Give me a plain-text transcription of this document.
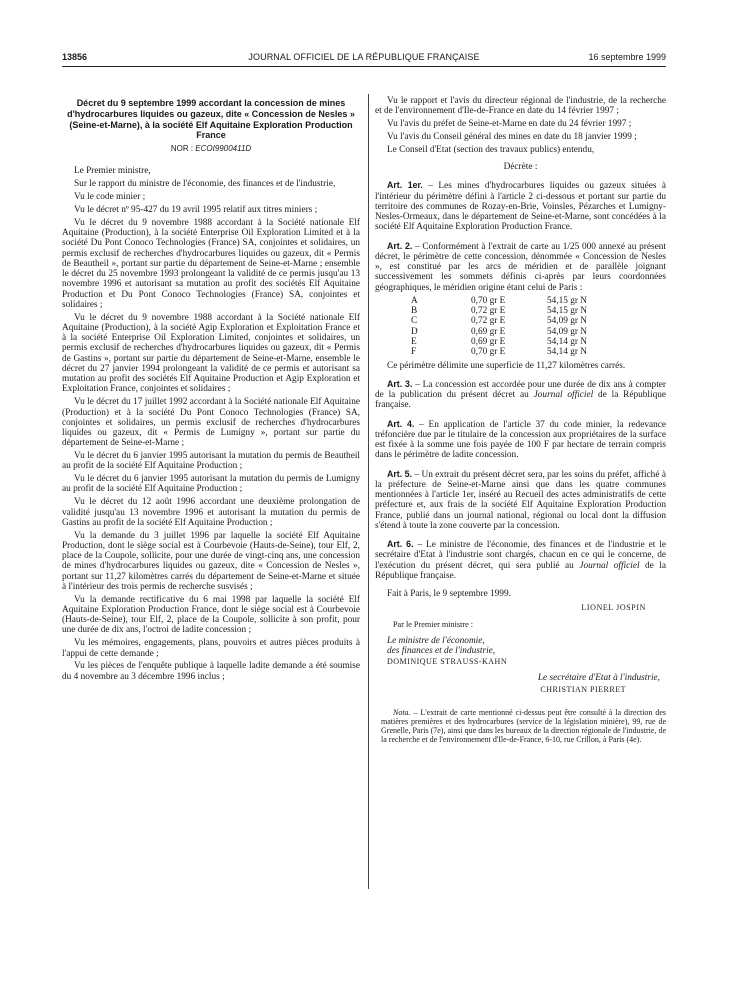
13856	JOURNAL OFFICIEL DE LA RÉPUBLIQUE FRANÇAISE	16 septembre 1999
Décret du 9 septembre 1999 accordant la concession de mines d'hydrocarbures liquides ou gazeux, dite « Concession de Nesles » (Seine-et-Marne), à la société Elf Aquitaine Exploration Production France
NOR : ECOI9900411D

Le Premier ministre,

Sur le rapport du ministre de l'économie, des finances et de l'industrie,

Vu le code minier ;

Vu le décret nº 95-427 du 19 avril 1995 relatif aux titres miniers ;

Vu le décret du 9 novembre 1988 accordant à la Société nationale Elf Aquitaine (Production), à la société Enterprise Oil Exploration Limited et à la société Du Pont Conoco Technologies (France) SA, conjointes et solidaires, un permis exclusif de recherches d'hydrocarbures liquides ou gazeux, dit « Permis de Beautheil », portant sur partie du département de Seine-et-Marne ; ensemble le décret du 25 novembre 1993 prolongeant la validité de ce permis jusqu'au 13 novembre 1996 et autorisant sa mutation au profit des sociétés Elf Aquitaine Production et Du Pont Conoco Technologies (France) SA, conjointes et solidaires ;

Vu le décret du 9 novembre 1988 accordant à la Société nationale Elf Aquitaine (Production), à la société Agip Exploration et Exploitation France et à la société Enterprise Oil Exploration Limited, conjointes et solidaires, un permis exclusif de recherches d'hydrocarbures liquides ou gazeux, dit « Permis de Gastins », portant sur partie du département de Seine-et-Marne, ensemble le décret du 27 janvier 1994 prolongeant la validité de ce permis et autorisant sa mutation au profit des sociétés Elf Aquitaine Production et Agip Exploration et Exploitation France, conjointes et solidaires ;

Vu le décret du 17 juillet 1992 accordant à la Société nationale Elf Aquitaine (Production) et à la société Du Pont Conoco Technologies (France) SA, conjointes et solidaires, un permis exclusif de recherches d'hydrocarbures liquides ou gazeux, dit « Permis de Lumigny », portant sur partie du département de Seine-et-Marne ;

Vu le décret du 6 janvier 1995 autorisant la mutation du permis de Beautheil au profit de la société Elf Aquitaine Production ;

Vu le décret du 6 janvier 1995 autorisant la mutation du permis de Lumigny au profit de la société Elf Aquitaine Production ;

Vu le décret du 12 août 1996 accordant une deuxième prolongation de validité jusqu'au 13 novembre 1996 et autorisant la mutation du permis de Gastins au profit de la société Elf Aquitaine Production ;

Vu la demande du 3 juillet 1996 par laquelle la société Elf Aquitaine Production, dont le siège social est à Courbevoie (Hauts-de-Seine), tour Elf, 2, place de la Coupole, sollicite, pour une durée de vingt-cinq ans, une concession de mines d'hydrocarbures liquides ou gazeux, dite « Concession de Nesles », portant sur 11,27 kilomètres carrés du département de Seine-et-Marne et située à l'intérieur des trois permis de recherche susvisés ;

Vu la demande rectificative du 6 mai 1998 par laquelle la société Elf Aquitaine Exploration Production France, dont le siège social est à Courbevoie (Hauts-de-Seine), tour Elf, 2, place de la Coupole, sollicite à son profit, pour une durée de dix ans, l'octroi de ladite concession ;

Vu les mémoires, engagements, plans, pouvoirs et autres pièces produits à l'appui de cette demande ;

Vu les pièces de l'enquête publique à laquelle ladite demande a été soumise du 4 novembre au 3 décembre 1996 inclus ;

Vu le rapport et l'avis du directeur régional de l'industrie, de la recherche et de l'environnement d'Ile-de-France en date du 14 février 1997 ;

Vu l'avis du préfet de Seine-et-Marne en date du 24 février 1997 ;

Vu l'avis du Conseil général des mines en date du 18 janvier 1999 ;

Le Conseil d'Etat (section des travaux publics) entendu,

Décrète :

Art. 1er. – Les mines d'hydrocarbures liquides ou gazeux situées à l'intérieur du périmètre défini à l'article 2 ci-dessous et portant sur partie du territoire des communes de Rozay-en-Brie, Voinsles, Pézarches et Lumigny-Nesles-Ormeaux, dans le département de Seine-et-Marne, sont concédées à la société Elf Aquitaine Exploration Production France.

Art. 2. – Conformément à l'extrait de carte au 1/25 000 annexé au présent décret, le périmètre de cette concession, dénommée « Concession de Nesles », est constitué par les arcs de méridien et de parallèle joignant successivement les sommets définis ci-après par leurs coordonnées géographiques, le méridien origine étant celui de Paris :

A	0,70 gr E	54,15 gr N
B	0,72 gr E	54,15 gr N
C	0,72 gr E	54,09 gr N
D	0,69 gr E	54,09 gr N
E	0,69 gr E	54,14 gr N
F	0,70 gr E	54,14 gr N

Ce périmètre délimite une superficie de 11,27 kilomètres carrés.

Art. 3. – La concession est accordée pour une durée de dix ans à compter de la publication du présent décret au Journal officiel de la République française.

Art. 4. – En application de l'article 37 du code minier, la redevance tréfoncière due par le titulaire de la concession aux propriétaires de la surface est fixée à la somme une fois payée de 100 F par hectare de terrain compris dans le périmètre de ladite concession.

Art. 5. – Un extrait du présent décret sera, par les soins du préfet, affiché à la préfecture de Seine-et-Marne ainsi que dans les quatre communes mentionnées à l'article 1er, inséré au Recueil des actes administratifs de cette préfecture et, aux frais de la société Elf Aquitaine Exploration Production France, publié dans un journal national, régional ou local dont la diffusion s'étend à toute la zone couverte par la concession.

Art. 6. – Le ministre de l'économie, des finances et de l'industrie et le secrétaire d'Etat à l'industrie sont chargés, chacun en ce qui le concerne, de l'exécution du présent décret, qui sera publié au Journal officiel de la République française.

Fait à Paris, le 9 septembre 1999.

LIONEL JOSPIN
Par le Premier ministre :
Le ministre de l'économie,
des finances et de l'industrie,
DOMINIQUE STRAUSS-KAHN
Le secrétaire d'Etat à l'industrie,
CHRISTIAN PIERRET
Nota. – L'extrait de carte mentionné ci-dessus peut être consulté à la direction des matières premières et des hydrocarbures (service de la législation minière), 99, rue de Grenelle, Paris (7e), ainsi que dans les bureaux de la direction régionale de l'industrie, de la recherche et de l'environnement d'Ile-de-France, 6-10, rue Crillon, à Paris (4e).
